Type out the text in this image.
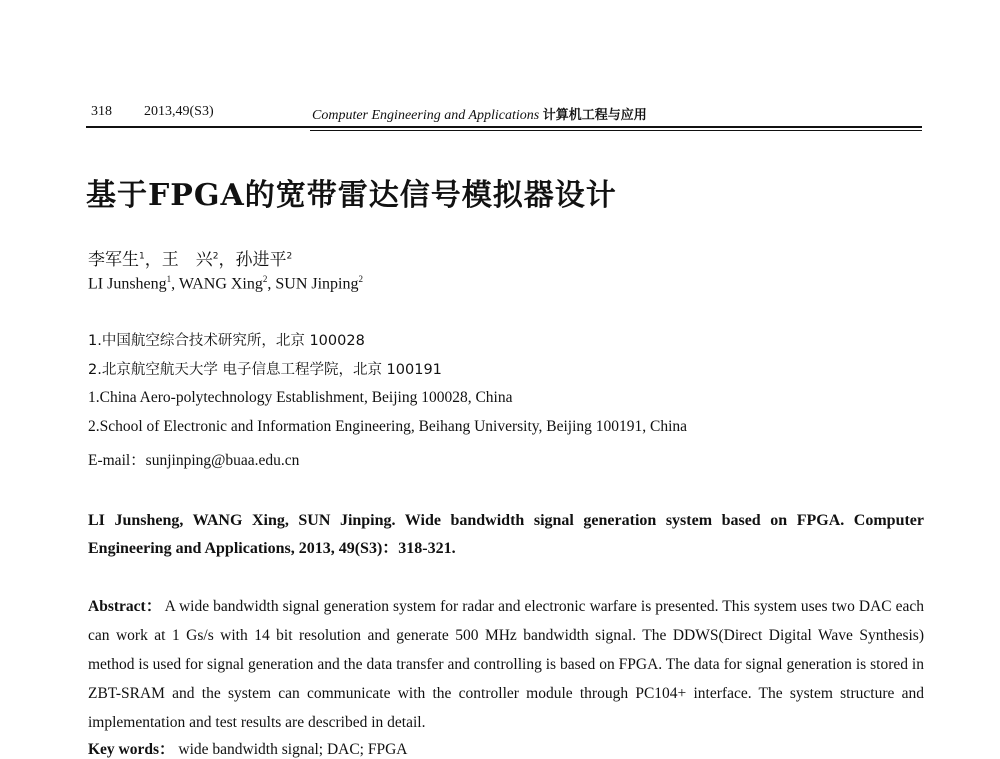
318 2013,49(S3)	Computer Engineering and Applications 计算机工程与应用
基于FPGA的宽带雷达信号模拟器设计
李军生$^1$，王　兴$^2$，孙进平$^2$
LI Junsheng$^1$, WANG Xing$^2$, SUN Jinping$^2$
1.中国航空综合技术研究所，北京 100028
2.北京航空航天大学 电子信息工程学院，北京 100191
1.China Aero-polytechnology Establishment, Beijing 100028, China
2.School of Electronic and Information Engineering, Beihang University, Beijing 100191, China
E-mail：sunjinping@buaa.edu.cn
LI Junsheng, WANG Xing, SUN Jinping. Wide bandwidth signal generation system based on FPGA. Computer Engineering and Applications, 2013, 49(S3)：318-321.
Abstract： A wide bandwidth signal generation system for radar and electronic warfare is presented. This system uses two DAC each can work at 1 Gs/s with 14 bit resolution and generate 500 MHz bandwidth signal. The DDWS(Direct Digital Wave Synthesis) method is used for signal generation and the data transfer and controlling is based on FPGA. The data for signal generation is stored in ZBT-SRAM and the system can communicate with the controller module through PC104+ interface. The system structure and implementation and test results are described in detail.
Key words： wide bandwidth signal; DAC; FPGA
